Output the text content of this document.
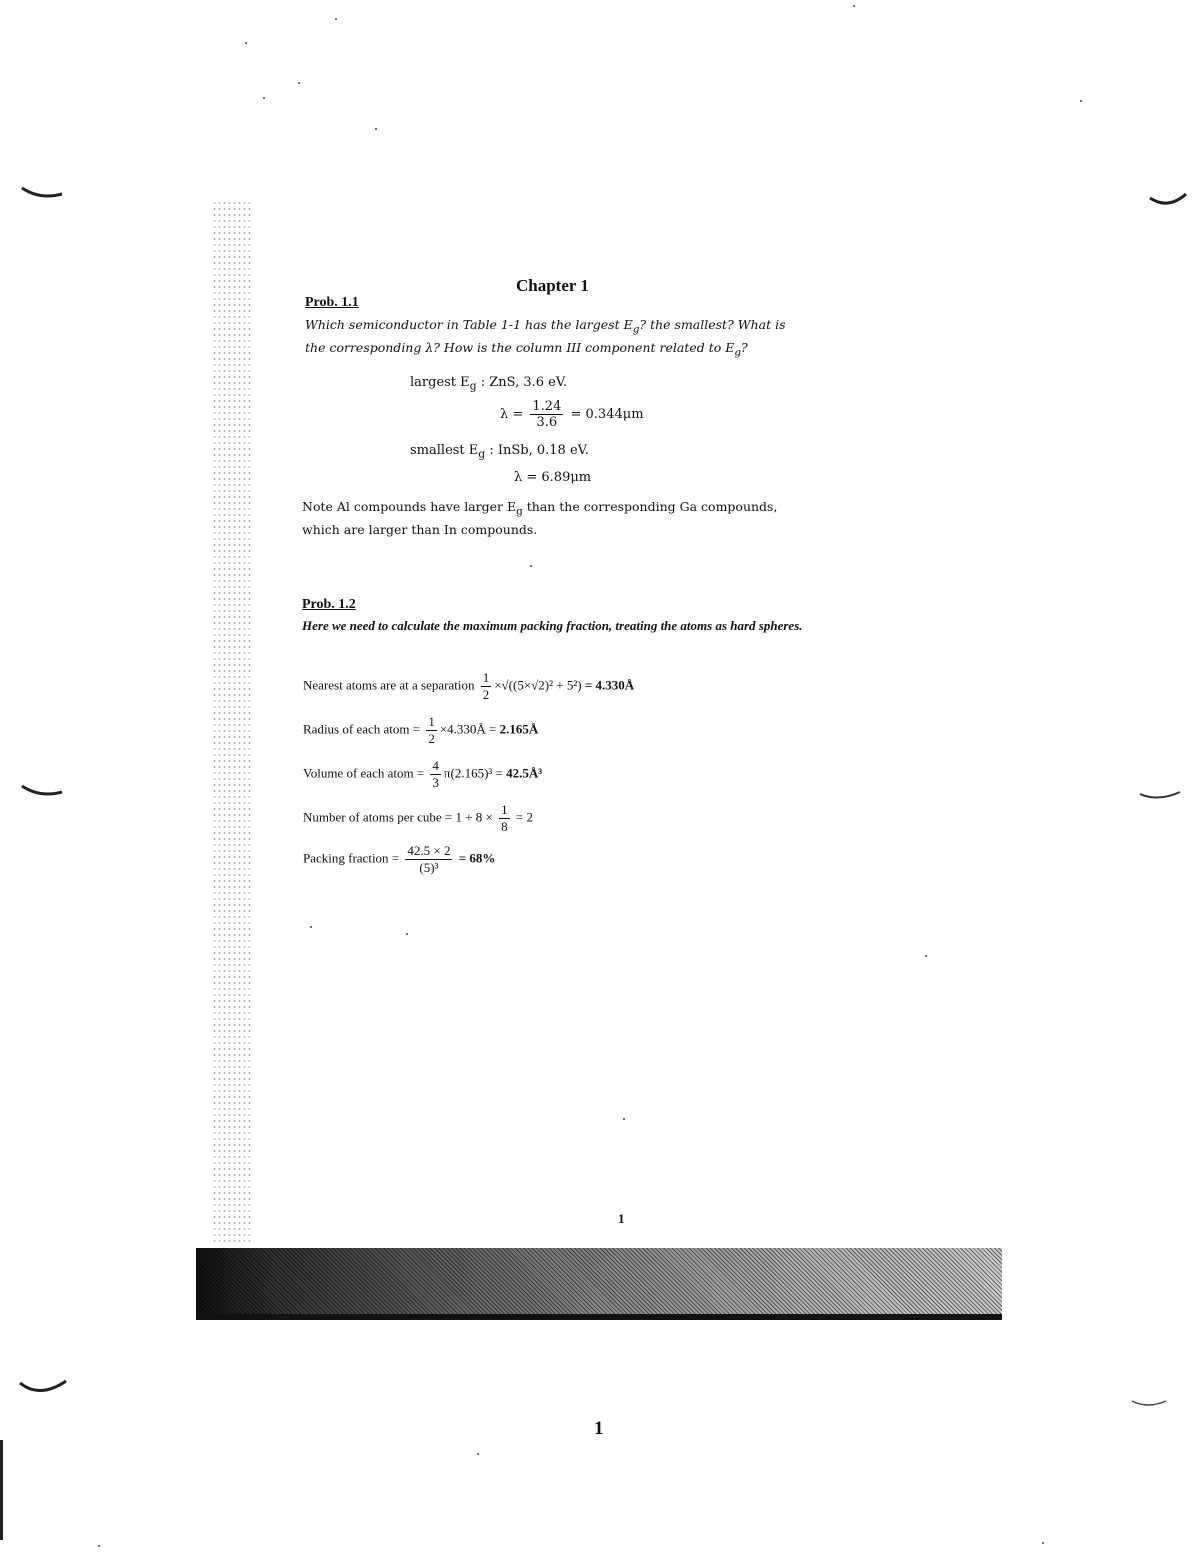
Chapter 1
Prob. 1.1
Which semiconductor in Table 1-1 has the largest $E_g$? the smallest? What is
the corresponding λ? How is the column III component related to $E_g$?
largest $E_g$ : ZnS, 3.6 eV.
$\lambda = \frac{1.24}{3.6} = 0.344\mu m$
smallest $E_g$ : InSb, 0.18 eV.
λ = 6.89μm
Note Al compounds have larger $E_g$ than the corresponding Ga compounds,
which are larger than In compounds.
Prob. 1.2
Here we need to calculate the maximum packing fraction, treating the atoms as hard spheres.
Nearest atoms are at a separation $\frac{1}{2} \times√((5\times√2)^2 + 5^2)$ = 4.330Å
Radius of each atom = $\frac{1}{2}$ ×4.330Å = 2.165Å
Volume of each atom = $\frac{4}{3} \pi(2.165)^3$ = 42.5Å³
Number of atoms per cube = $1 + 8 \times \frac{1}{8} = 2$
Packing fraction = $\frac{42.5 \times 2}{\text{(5)³}} = 68\%$
1
1
